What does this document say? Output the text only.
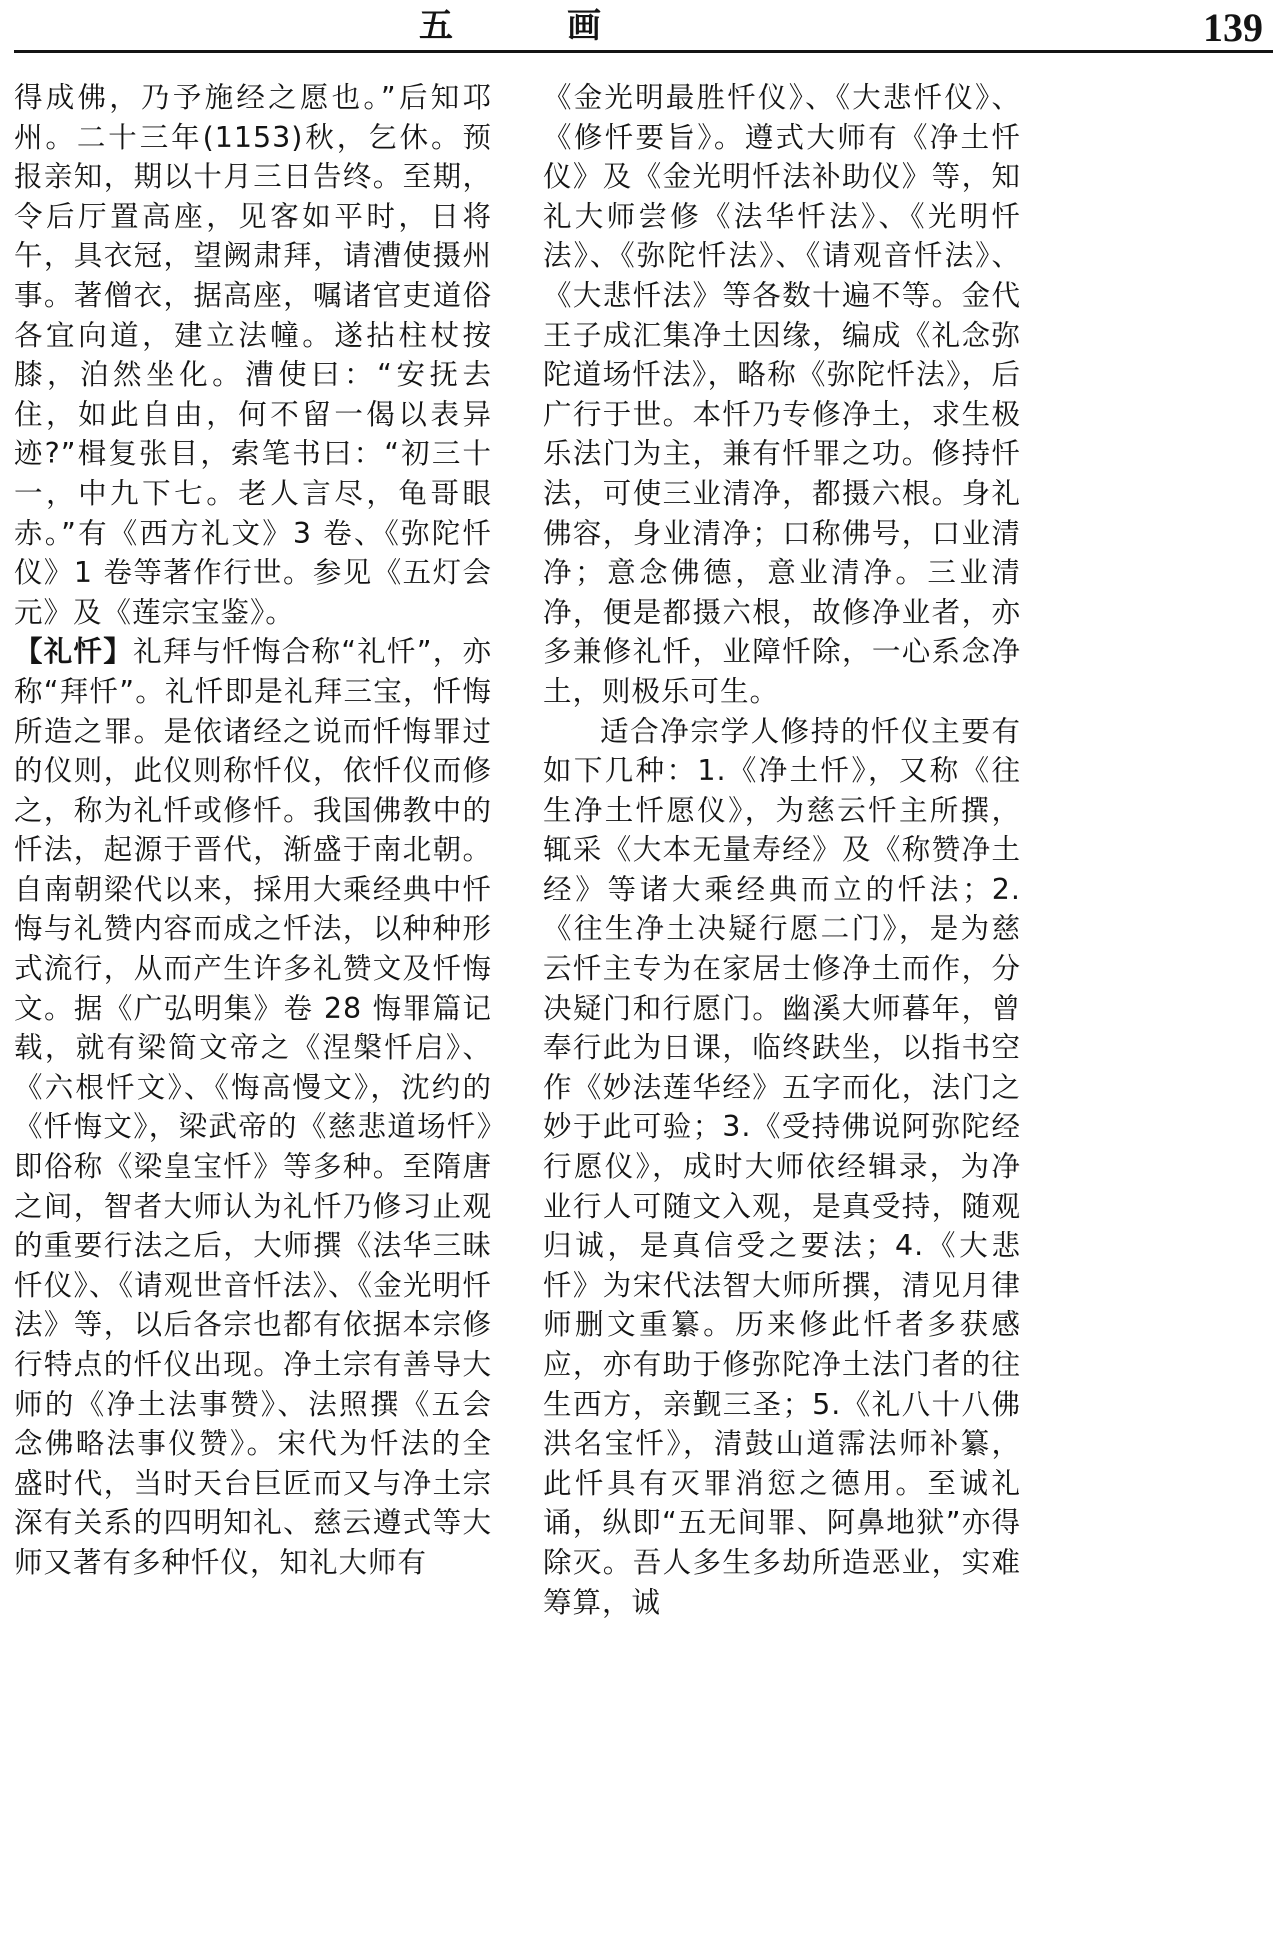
五　画	139

得成佛，乃予施经之愿也。”后知邛州。二十三年(1153)秋，乞休。预报亲知，期以十月三日告终。至期，令后厅置高座，见客如平时，日将午，具衣冠，望阙肃拜，请漕使摄州事。著僧衣，据高座，嘱诸官吏道俗各宜向道，建立法幢。遂拈柱杖按膝，泊然坐化。漕使曰：“安抚去住，如此自由，何不留一偈以表异迹?”楫复张目，索笔书曰：“初三十一，中九下七。老人言尽，龟哥眼赤。”有《西方礼文》3 卷、《弥陀忏仪》1 卷等著作行世。参见《五灯会元》及《莲宗宝鉴》。

【礼忏】礼拜与忏悔合称“礼忏”，亦称“拜忏”。礼忏即是礼拜三宝，忏悔所造之罪。是依诸经之说而忏悔罪过的仪则，此仪则称忏仪，依忏仪而修之，称为礼忏或修忏。我国佛教中的忏法，起源于晋代，渐盛于南北朝。自南朝梁代以来，採用大乘经典中忏悔与礼赞内容而成之忏法，以种种形式流行，从而产生许多礼赞文及忏悔文。据《广弘明集》卷 28 悔罪篇记载，就有梁简文帝之《涅槃忏启》、《六根忏文》、《悔高慢文》，沈约的《忏悔文》，梁武帝的《慈悲道场忏》即俗称《梁皇宝忏》等多种。至隋唐之间，智者大师认为礼忏乃修习止观的重要行法之后，大师撰《法华三昧忏仪》、《请观世音忏法》、《金光明忏法》等，以后各宗也都有依据本宗修行特点的忏仪出现。净土宗有善导大师的《净土法事赞》、法照撰《五会念佛略法事仪赞》。宋代为忏法的全盛时代，当时天台巨匠而又与净土宗深有关系的四明知礼、慈云遵式等大师又著有多种忏仪，知礼大师有

《金光明最胜忏仪》、《大悲忏仪》、《修忏要旨》。遵式大师有《净土忏仪》及《金光明忏法补助仪》等，知礼大师尝修《法华忏法》、《光明忏法》、《弥陀忏法》、《请观音忏法》、《大悲忏法》等各数十遍不等。金代王子成汇集净土因缘，编成《礼念弥陀道场忏法》，略称《弥陀忏法》，后广行于世。本忏乃专修净土，求生极乐法门为主，兼有忏罪之功。修持忏法，可使三业清净，都摄六根。身礼佛容，身业清净；口称佛号，口业清净；意念佛德，意业清净。三业清净，便是都摄六根，故修净业者，亦多兼修礼忏，业障忏除，一心系念净土，则极乐可生。

适合净宗学人修持的忏仪主要有如下几种：1.《净土忏》，又称《往生净土忏愿仪》，为慈云忏主所撰，辄采《大本无量寿经》及《称赞净土经》等诸大乘经典而立的忏法；2.《往生净土决疑行愿二门》，是为慈云忏主专为在家居士修净土而作，分决疑门和行愿门。幽溪大师暮年，曾奉行此为日课，临终趺坐，以指书空作《妙法莲华经》五字而化，法门之妙于此可验；3.《受持佛说阿弥陀经行愿仪》，成时大师依经辑录，为净业行人可随文入观，是真受持，随观归诚，是真信受之要法；4.《大悲忏》为宋代法智大师所撰，清见月律师删文重纂。历来修此忏者多获感应，亦有助于修弥陀净土法门者的往生西方，亲觐三圣；5.《礼八十八佛洪名宝忏》，清鼓山道霈法师补纂，此忏具有灭罪消愆之德用。至诚礼诵，纵即“五无间罪、阿鼻地狱”亦得除灭。吾人多生多劫所造恶业，实难筹算，诚
